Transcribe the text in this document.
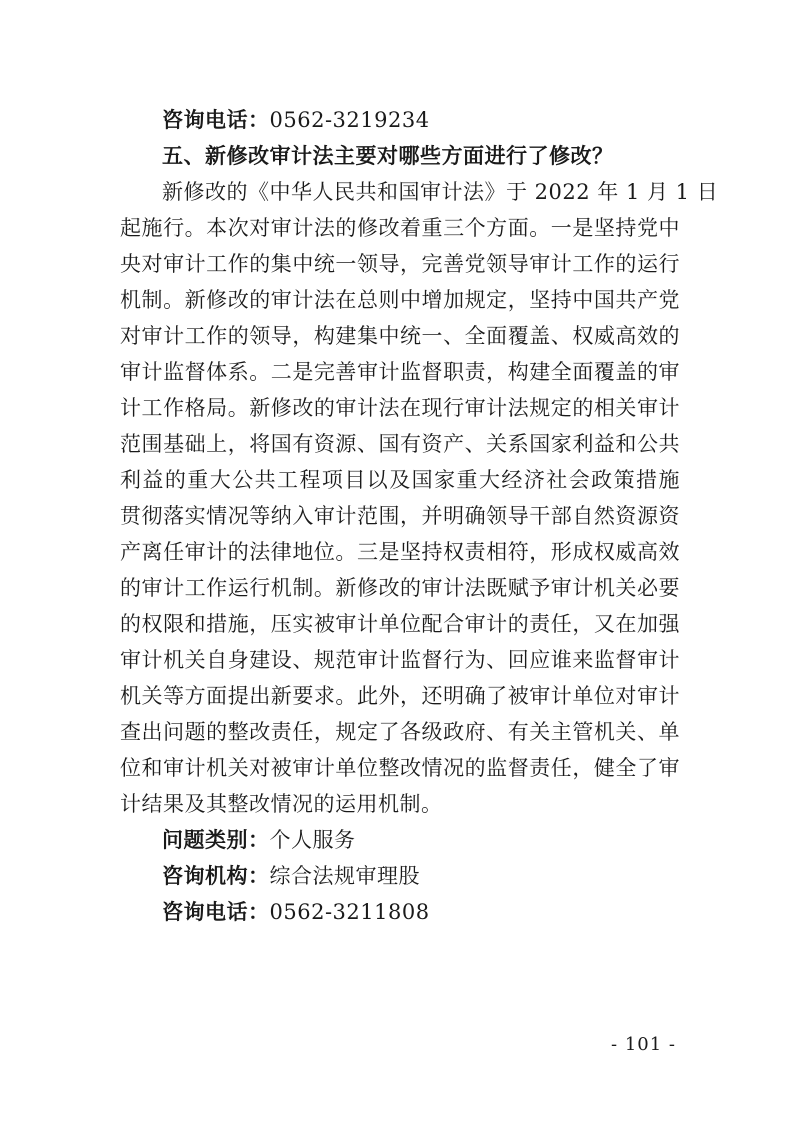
咨询电话：0562-3219234
五、新修改审计法主要对哪些方面进行了修改？
新修改的《中华人民共和国审计法》于 2022 年 1 月 1 日
起施行。本次对审计法的修改着重三个方面。一是坚持党中
央对审计工作的集中统一领导，完善党领导审计工作的运行
机制。新修改的审计法在总则中增加规定，坚持中国共产党
对审计工作的领导，构建集中统一、全面覆盖、权威高效的
审计监督体系。二是完善审计监督职责，构建全面覆盖的审
计工作格局。新修改的审计法在现行审计法规定的相关审计
范围基础上，将国有资源、国有资产、关系国家利益和公共
利益的重大公共工程项目以及国家重大经济社会政策措施
贯彻落实情况等纳入审计范围，并明确领导干部自然资源资
产离任审计的法律地位。三是坚持权责相符，形成权威高效
的审计工作运行机制。新修改的审计法既赋予审计机关必要
的权限和措施，压实被审计单位配合审计的责任，又在加强
审计机关自身建设、规范审计监督行为、回应谁来监督审计
机关等方面提出新要求。此外，还明确了被审计单位对审计
查出问题的整改责任，规定了各级政府、有关主管机关、单
位和审计机关对被审计单位整改情况的监督责任，健全了审
计结果及其整改情况的运用机制。
问题类别：个人服务
咨询机构：综合法规审理股
咨询电话：0562-3211808
- 101 -
